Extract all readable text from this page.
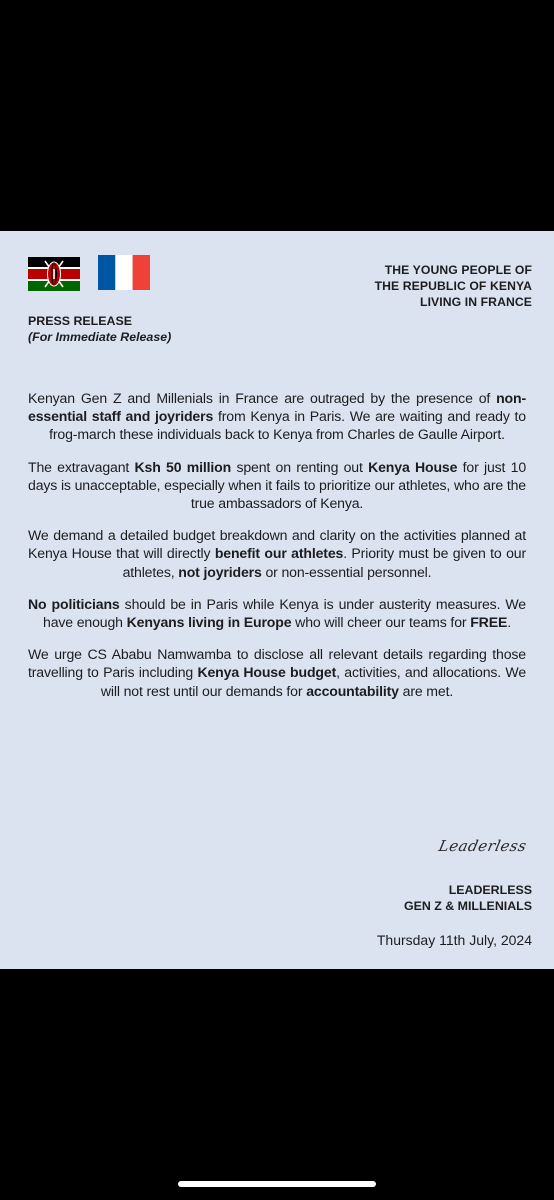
THE YOUNG PEOPLE OF
THE REPUBLIC OF KENYA
LIVING IN FRANCE
PRESS RELEASE
(For Immediate Release)

Kenyan Gen Z and Millenials in France are outraged by the presence of non-essential staff and joyriders from Kenya in Paris. We are waiting and ready to frog-march these individuals back to Kenya from Charles de Gaulle Airport.

The extravagant Ksh 50 million spent on renting out Kenya House for just 10 days is unacceptable, especially when it fails to prioritize our athletes, who are the true ambassadors of Kenya.

We demand a detailed budget breakdown and clarity on the activities planned at Kenya House that will directly benefit our athletes. Priority must be given to our athletes, not joyriders or non-essential personnel.

No politicians should be in Paris while Kenya is under austerity measures. We have enough Kenyans living in Europe who will cheer our teams for FREE.

We urge CS Ababu Namwamba to disclose all relevant details regarding those travelling to Paris including Kenya House budget, activities, and allocations. We will not rest until our demands for accountability are met.

Leaderless
LEADERLESS
GEN Z & MILLENIALS
Thursday 11th July, 2024
